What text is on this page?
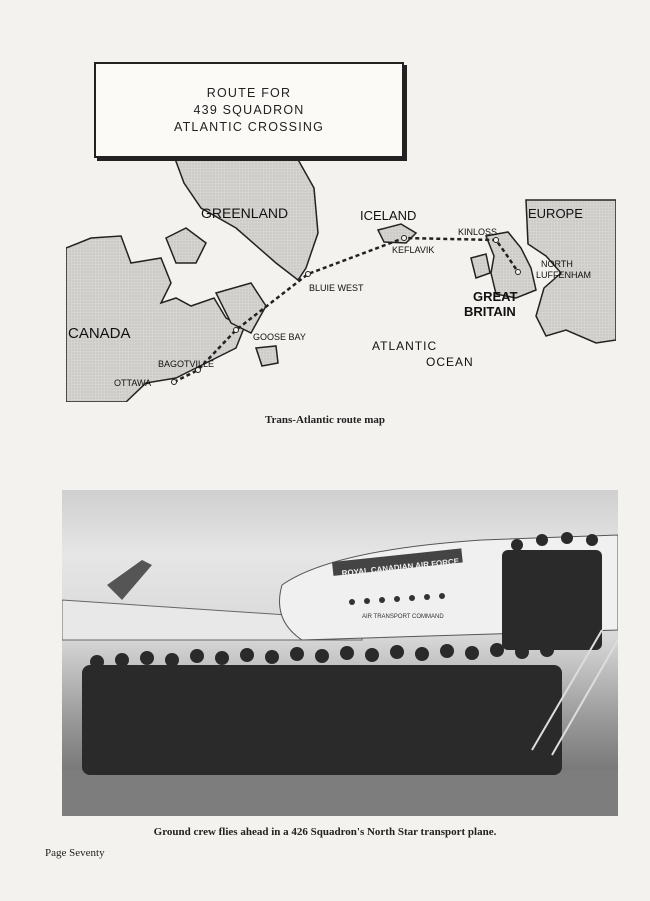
GREENLAND	ICELAND	EUROPE
CANADA
GREAT
BRITAIN
ATLANTIC
OCEAN
KINLOSS
KEFLAVIK
NORTH
LUFFENHAM
BLUIE WEST
GOOSE BAY
BAGOTVILLE
OTTAWA
ROUTE FOR
439 SQUADRON
ATLANTIC CROSSING
Trans-Atlantic route map
ROYAL CANADIAN AIR FORCE
AIR TRANSPORT COMMAND
Ground crew flies ahead in a 426 Squadron's North Star transport plane.
Page Seventy
